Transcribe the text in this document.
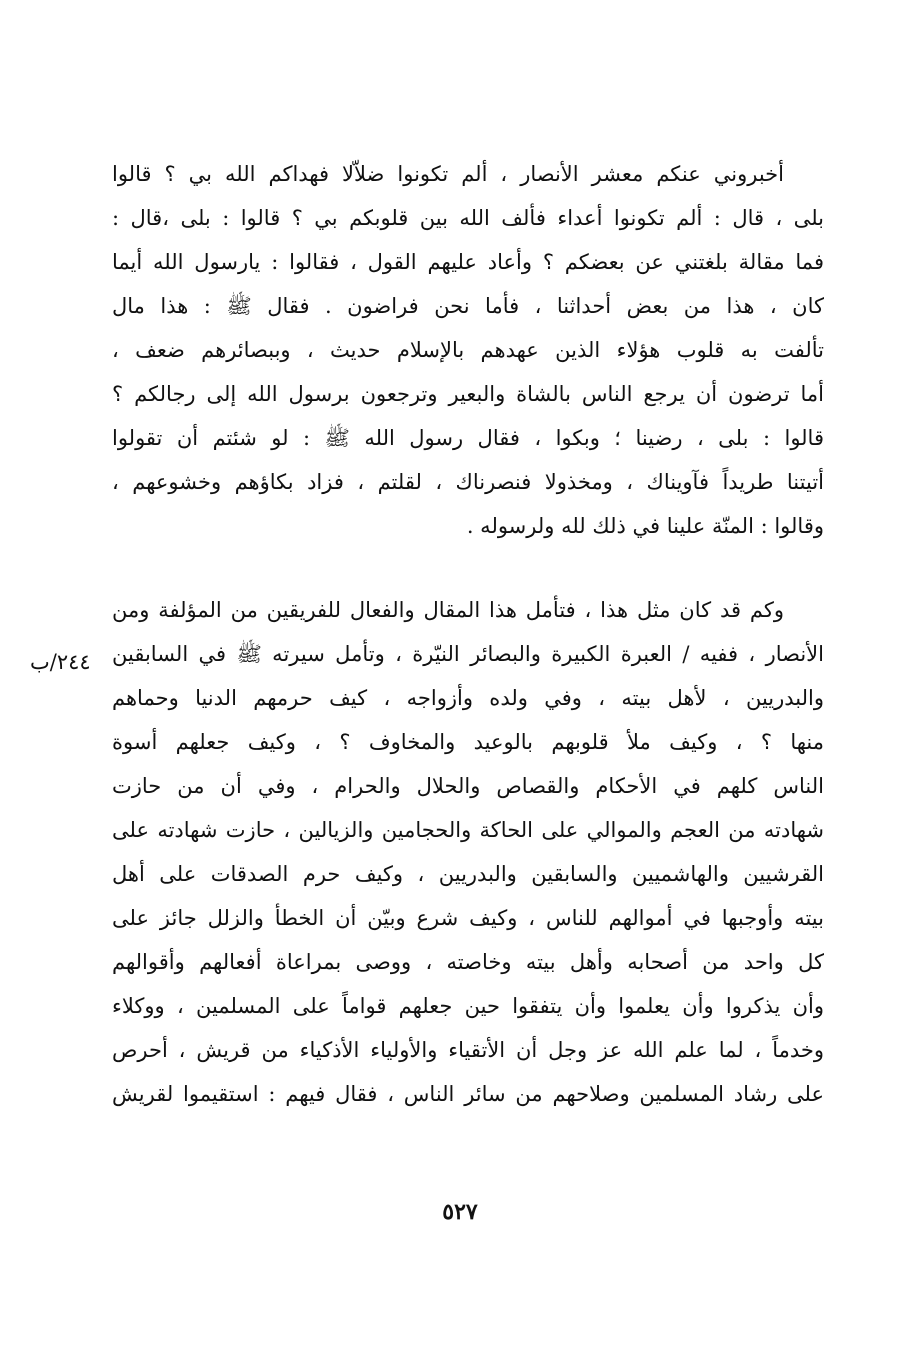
أخبروني عنكم معشر الأنصار ، ألم تكونوا ضلاّلا فهداكم الله بي ؟ قالوا
بلى ، قال : ألم تكونوا أعداء فألف الله بين قلوبكم بي ؟ قالوا : بلى ،قال :
فما مقالة بلغتني عن بعضكم ؟ وأعاد عليهم القول ، فقالوا : يارسول الله أيما
كان ، هذا من بعض أحداثنا ، فأما نحن فراضون . فقال ﷺ : هذا مال
تألفت به قلوب هؤلاء الذين عهدهم بالإسلام حديث ، وببصائرهم ضعف ،
أما ترضون أن يرجع الناس بالشاة والبعير وترجعون برسول الله إلى رجالكم ؟
قالوا : بلى ، رضينا ؛ وبكوا ، فقال رسول الله ﷺ : لو شئتم أن تقولوا
أتيتنا طريداً فآويناك ، ومخذولا فنصرناك ، لقلتم ، فزاد بكاؤهم وخشوعهم ،
وقالوا : المنّة علينا في ذلك لله ولرسوله .
وكم قد كان مثل هذا ، فتأمل هذا المقال والفعال للفريقين من المؤلفة ومن
الأنصار ، ففيه / العبرة الكبيرة والبصائر النيّرة ، وتأمل سيرته ﷺ في السابقين
والبدريين ، لأهل بيته ، وفي ولده وأزواجه ، كيف حرمهم الدنيا وحماهم
منها ؟ ، وكيف ملأ قلوبهم بالوعيد والمخاوف ؟ ، وكيف جعلهم أسوة
الناس كلهم في الأحكام والقصاص والحلال والحرام ، وفي أن من حازت
شهادته من العجم والموالي على الحاكة والحجامين والزيالين ، حازت شهادته على
القرشيين والهاشميين والسابقين والبدريين ، وكيف حرم الصدقات على أهل
بيته وأوجبها في أموالهم للناس ، وكيف شرع وبيّن أن الخطأ والزلل جائز على
كل واحد من أصحابه وأهل بيته وخاصته ، ووصى بمراعاة أفعالهم وأقوالهم
وأن يذكروا وأن يعلموا وأن يتفقوا حين جعلهم قواماً على المسلمين ، ووكلاء
وخدماً ، لما علم الله عز وجل أن الأتقياء والأولياء الأذكياء من قريش ، أحرص
على رشاد المسلمين وصلاحهم من سائر الناس ، فقال فيهم : استقيموا لقريش
٢٤٤/ب
٥٢٧
